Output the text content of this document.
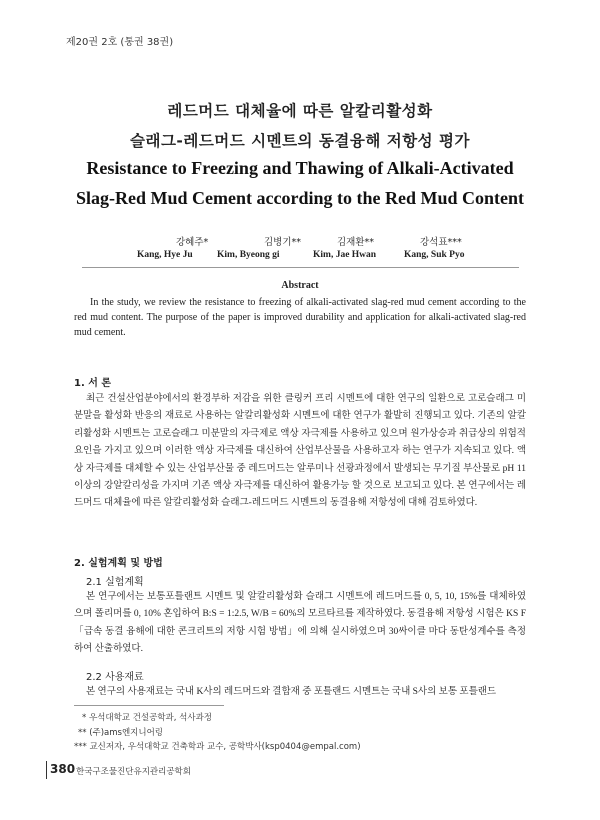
제20권 2호 (통권 38권)
레드머드 대체율에 따른 알칼리활성화
슬래그-레드머드 시멘트의 동결융해 저항성 평가
Resistance to Freezing and Thawing of Alkali-Activated
Slag-Red Mud Cement according to the Red Mud Content
강혜주*	김병기**	김재환**	강석표***
Kang, Hye Ju	Kim, Byeong gi	Kim, Jae Hwan	Kang, Suk Pyo
Abstract
In the study, we review the resistance to freezing of alkali-activated slag-red mud cement according to the red mud content. The purpose of the paper is improved durability and application for alkali-activated slag-red mud cement.
1. 서 론
최근 건설산업분야에서의 환경부하 저감을 위한 클링커 프리 시멘트에 대한 연구의 일환으로 고로슬래그 미분말을 활성화 반응의 재료로 사용하는 알칼리활성화 시멘트에 대한 연구가 활발히 진행되고 있다. 기존의 알칼리활성화 시멘트는 고로슬래그 미분말의 자극제로 액상 자극제를 사용하고 있으며 원가상승과 취급상의 위험적 요인을 가지고 있으며 이러한 액상 자극제를 대신하여 산업부산물을 사용하고자 하는 연구가 지속되고 있다. 액상 자극제를 대체할 수 있는 산업부산물 중 레드머드는 알루미나 선광과정에서 발생되는 무기질 부산물로 pH 11 이상의 강알칼리성을 가지며 기존 액상 자극제를 대신하여 활용가능 할 것으로 보고되고 있다. 본 연구에서는 레드머드 대체율에 따른 알칼리활성화 슬래그-레드머드 시멘트의 동결융해 저항성에 대해 검토하였다.
2. 실험계획 및 방법
2.1 실험계획
본 연구에서는 보통포틀랜트 시멘트 및 알칼리활성화 슬래그 시멘트에 레드머드를 0, 5, 10, 15%를 대체하였으며 폴리머를 0, 10% 혼입하여 B:S = 1:2.5, W/B = 60%의 모르타르를 제작하였다. 동결융해 저항성 시험은 KS F 「급속 동결 융해에 대한 콘크리트의 저항 시험 방법」에 의해 실시하였으며 30싸이클 마다 동탄성계수를 측정하여 산출하였다.
2.2 사용재료
본 연구의 사용재료는 국내 K사의 레드머드와 결합재 중 포틀랜드 시멘트는 국내 S사의 보통 포틀랜드
* 우석대학교 건설공학과, 석사과정
** (주)ams엔지니어링
*** 교신저자, 우석대학교 건축학과 교수, 공학박사(ksp0404@empal.com)
380 한국구조물진단유지관리공학회
